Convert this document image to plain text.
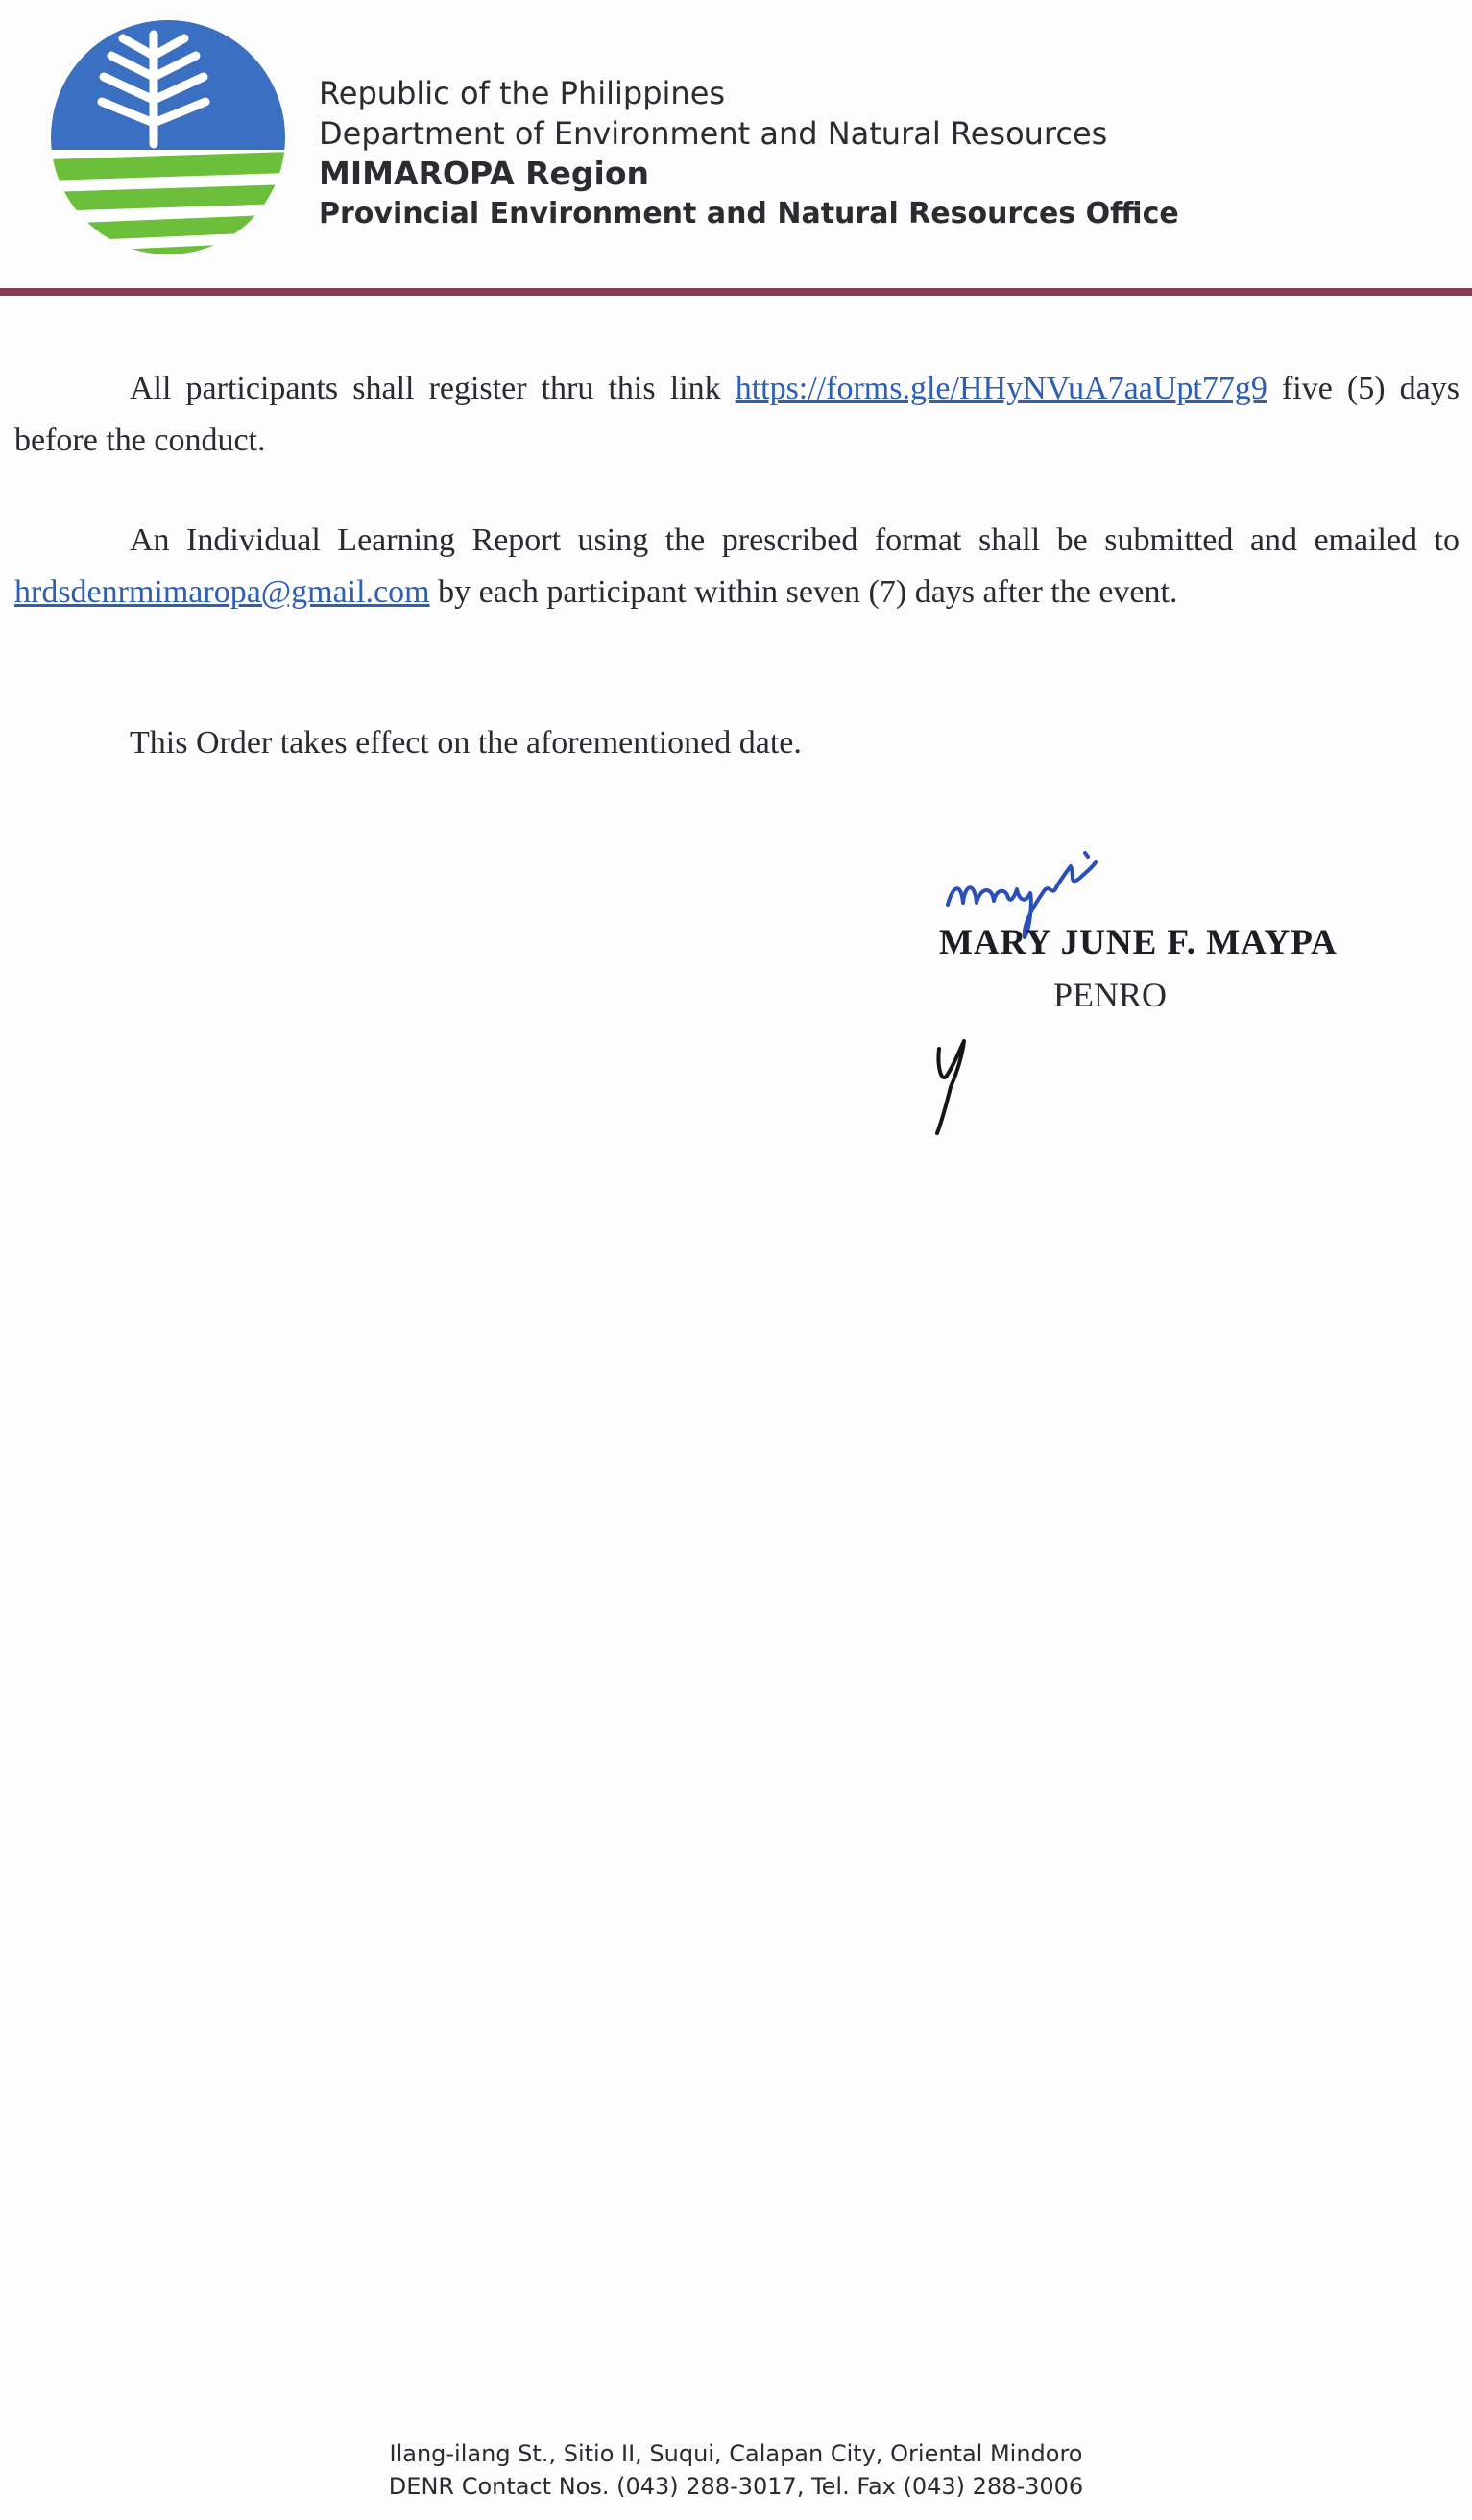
Republic of the Philippines
Department of Environment and Natural Resources
MIMAROPA Region
Provincial Environment and Natural Resources Office

All participants shall register thru this link https://forms.gle/HHyNVuA7aaUpt77g9 five (5) days before the conduct.

An Individual Learning Report using the prescribed format shall be submitted and emailed to hrdsdenrmimaropa@gmail.com by each participant within seven (7) days after the event.

This Order takes effect on the aforementioned date.

MARY JUNE F. MAYPA
PENRO
Ilang-ilang St., Sitio II, Suqui, Calapan City, Oriental Mindoro
DENR Contact Nos. (043) 288-3017, Tel. Fax (043) 288-3006
